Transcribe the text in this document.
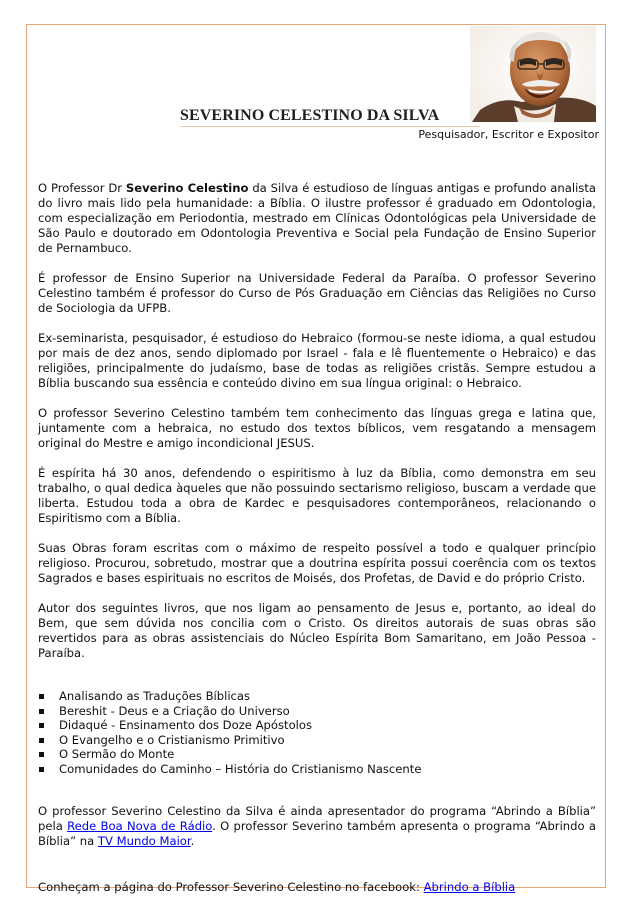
SEVERINO CELESTINO DA SILVA
Pesquisador, Escritor e Expositor

O Professor Dr Severino Celestino da Silva é estudioso de línguas antigas e profundo analista do livro mais lido pela humanidade: a Bíblia. O ilustre professor é graduado em Odontologia, com especialização em Periodontia, mestrado em Clínicas Odontológicas pela Universidade de São Paulo e doutorado em Odontologia Preventiva e Social pela Fundação de Ensino Superior de Pernambuco.

É professor de Ensino Superior na Universidade Federal da Paraíba. O professor Severino Celestino também é professor do Curso de Pós Graduação em Ciências das Religiões no Curso de Sociologia da UFPB.

Ex-seminarista, pesquisador, é estudioso do Hebraico (formou-se neste idioma, a qual estudou por mais de dez anos, sendo diplomado por Israel - fala e lê fluentemente o Hebraico) e das religiões, principalmente do judaísmo, base de todas as religiões cristãs. Sempre estudou a Bíblia buscando sua essência e conteúdo divino em sua língua original: o Hebraico.

O professor Severino Celestino também tem conhecimento das línguas grega e latina que, juntamente com a hebraica, no estudo dos textos bíblicos, vem resgatando a mensagem original do Mestre e amigo incondicional JESUS.

É espírita há 30 anos, defendendo o espiritismo à luz da Bíblia, como demonstra em seu trabalho, o qual dedica àqueles que não possuindo sectarismo religioso, buscam a verdade que liberta. Estudou toda a obra de Kardec e pesquisadores contemporâneos, relacionando o Espiritismo com a Bíblia.

Suas Obras foram escritas com o máximo de respeito possível a todo e qualquer princípio religioso. Procurou, sobretudo, mostrar que a doutrina espírita possui coerência com os textos Sagrados e bases espirituais no escritos de Moisés, dos Profetas, de David e do próprio Cristo.

Autor dos seguintes livros, que nos ligam ao pensamento de Jesus e, portanto, ao ideal do Bem, que sem dúvida nos concilia com o Cristo. Os direitos autorais de suas obras são revertidos para as obras assistenciais do Núcleo Espírita Bom Samaritano, em João Pessoa - Paraíba.

Analisando as Traduções Bíblicas
Bereshit - Deus e a Criação do Universo
Didaqué - Ensinamento dos Doze Apóstolos
O Evangelho e o Cristianismo Primitivo
O Sermão do Monte
Comunidades do Caminho – História do Cristianismo Nascente

O professor Severino Celestino da Silva é ainda apresentador do programa “Abrindo a Bíblia” pela Rede Boa Nova de Rádio. O professor Severino também apresenta o programa “Abrindo a Bíblia” na TV Mundo Maior.

Conheçam a página do Professor Severino Celestino no facebook: Abrindo a Bíblia
